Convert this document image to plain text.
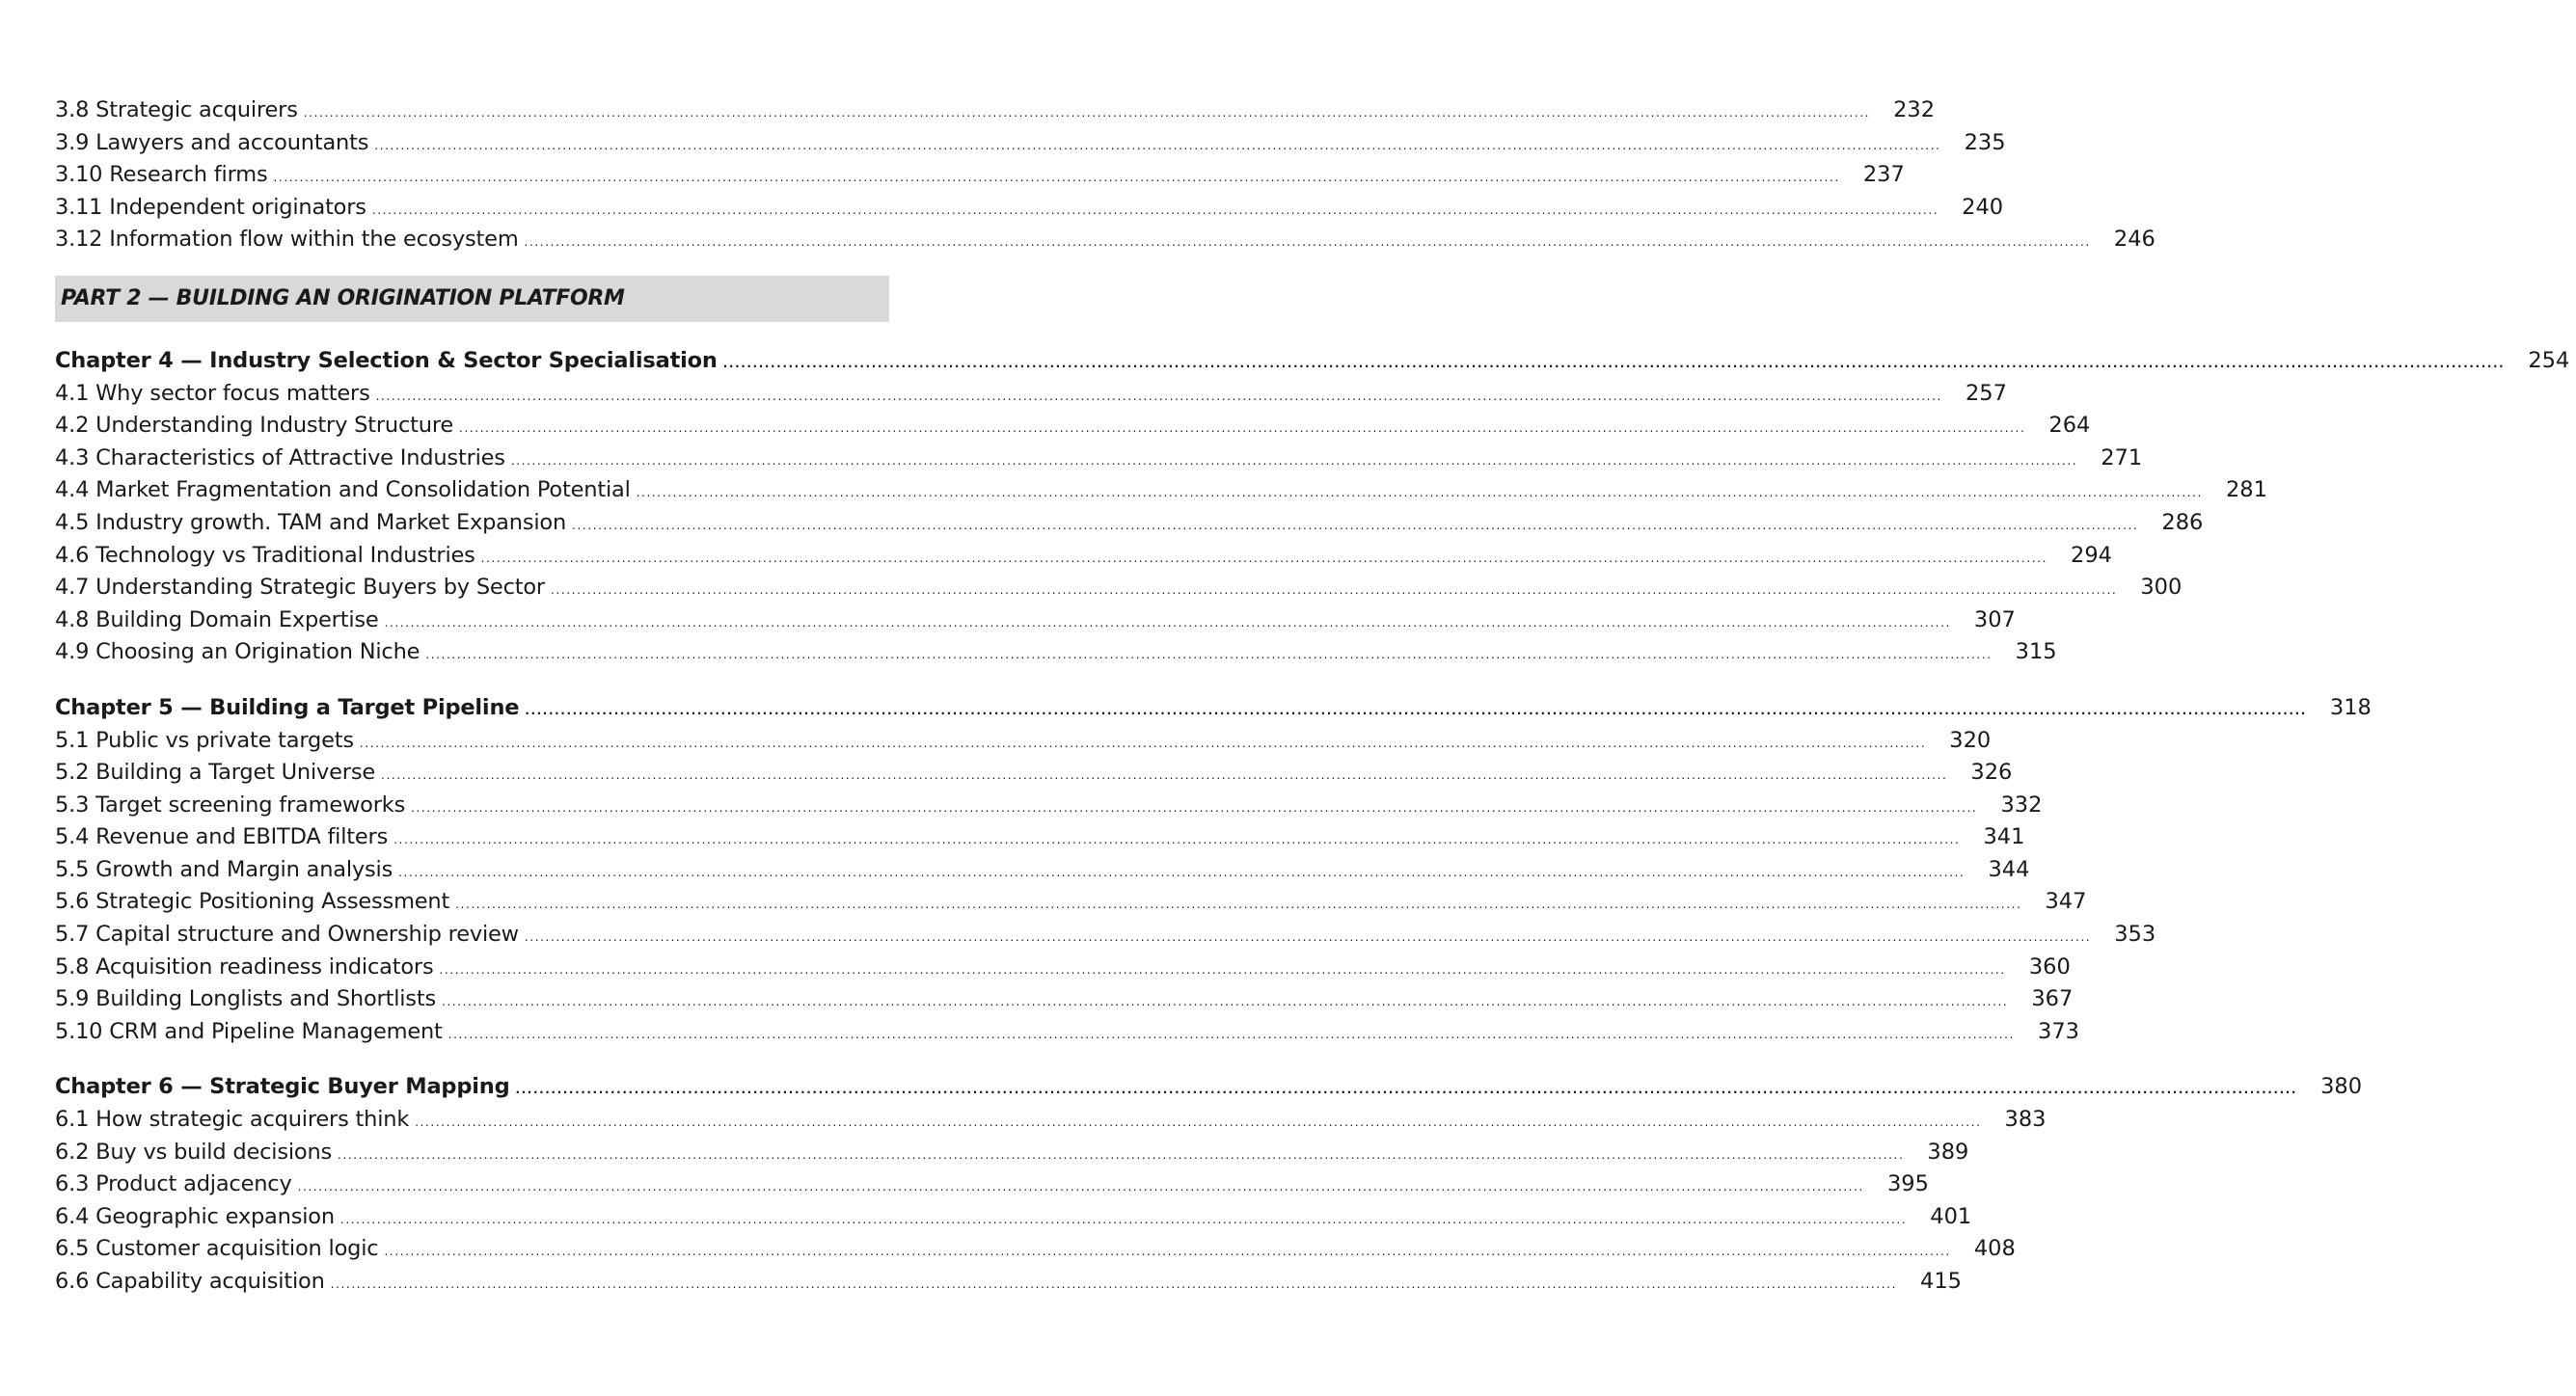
3.8 Strategic acquirers ............................................................................................................................................................................................................................................................................................................	232
3.9 Lawyers and accountants ............................................................................................................................................................................................................................................................................................................	235
3.10 Research firms ............................................................................................................................................................................................................................................................................................................	237
3.11 Independent originators ............................................................................................................................................................................................................................................................................................................	240
3.12 Information flow within the ecosystem ............................................................................................................................................................................................................................................................................................................	246
PART 2 — BUILDING AN ORIGINATION PLATFORM
Chapter 4 — Industry Selection & Sector Specialisation ............................................................................................................................................................................................................................................................................................................	254
4.1 Why sector focus matters ............................................................................................................................................................................................................................................................................................................	257
4.2 Understanding Industry Structure ............................................................................................................................................................................................................................................................................................................	264
4.3 Characteristics of Attractive Industries ............................................................................................................................................................................................................................................................................................................	271
4.4 Market Fragmentation and Consolidation Potential ............................................................................................................................................................................................................................................................................................................	281
4.5 Industry growth. TAM and Market Expansion ............................................................................................................................................................................................................................................................................................................	286
4.6 Technology vs Traditional Industries ............................................................................................................................................................................................................................................................................................................	294
4.7 Understanding Strategic Buyers by Sector ............................................................................................................................................................................................................................................................................................................	300
4.8 Building Domain Expertise ............................................................................................................................................................................................................................................................................................................	307
4.9 Choosing an Origination Niche ............................................................................................................................................................................................................................................................................................................	315
Chapter 5 — Building a Target Pipeline ............................................................................................................................................................................................................................................................................................................	318
5.1 Public vs private targets ............................................................................................................................................................................................................................................................................................................	320
5.2 Building a Target Universe ............................................................................................................................................................................................................................................................................................................	326
5.3 Target screening frameworks ............................................................................................................................................................................................................................................................................................................	332
5.4 Revenue and EBITDA filters ............................................................................................................................................................................................................................................................................................................	341
5.5 Growth and Margin analysis ............................................................................................................................................................................................................................................................................................................	344
5.6 Strategic Positioning Assessment ............................................................................................................................................................................................................................................................................................................	347
5.7 Capital structure and Ownership review ............................................................................................................................................................................................................................................................................................................	353
5.8 Acquisition readiness indicators ............................................................................................................................................................................................................................................................................................................	360
5.9 Building Longlists and Shortlists ............................................................................................................................................................................................................................................................................................................	367
5.10 CRM and Pipeline Management ............................................................................................................................................................................................................................................................................................................	373
Chapter 6 — Strategic Buyer Mapping ............................................................................................................................................................................................................................................................................................................	380
6.1 How strategic acquirers think ............................................................................................................................................................................................................................................................................................................	383
6.2 Buy vs build decisions ............................................................................................................................................................................................................................................................................................................	389
6.3 Product adjacency ............................................................................................................................................................................................................................................................................................................	395
6.4 Geographic expansion ............................................................................................................................................................................................................................................................................................................	401
6.5 Customer acquisition logic ............................................................................................................................................................................................................................................................................................................	408
6.6 Capability acquisition ............................................................................................................................................................................................................................................................................................................	415
